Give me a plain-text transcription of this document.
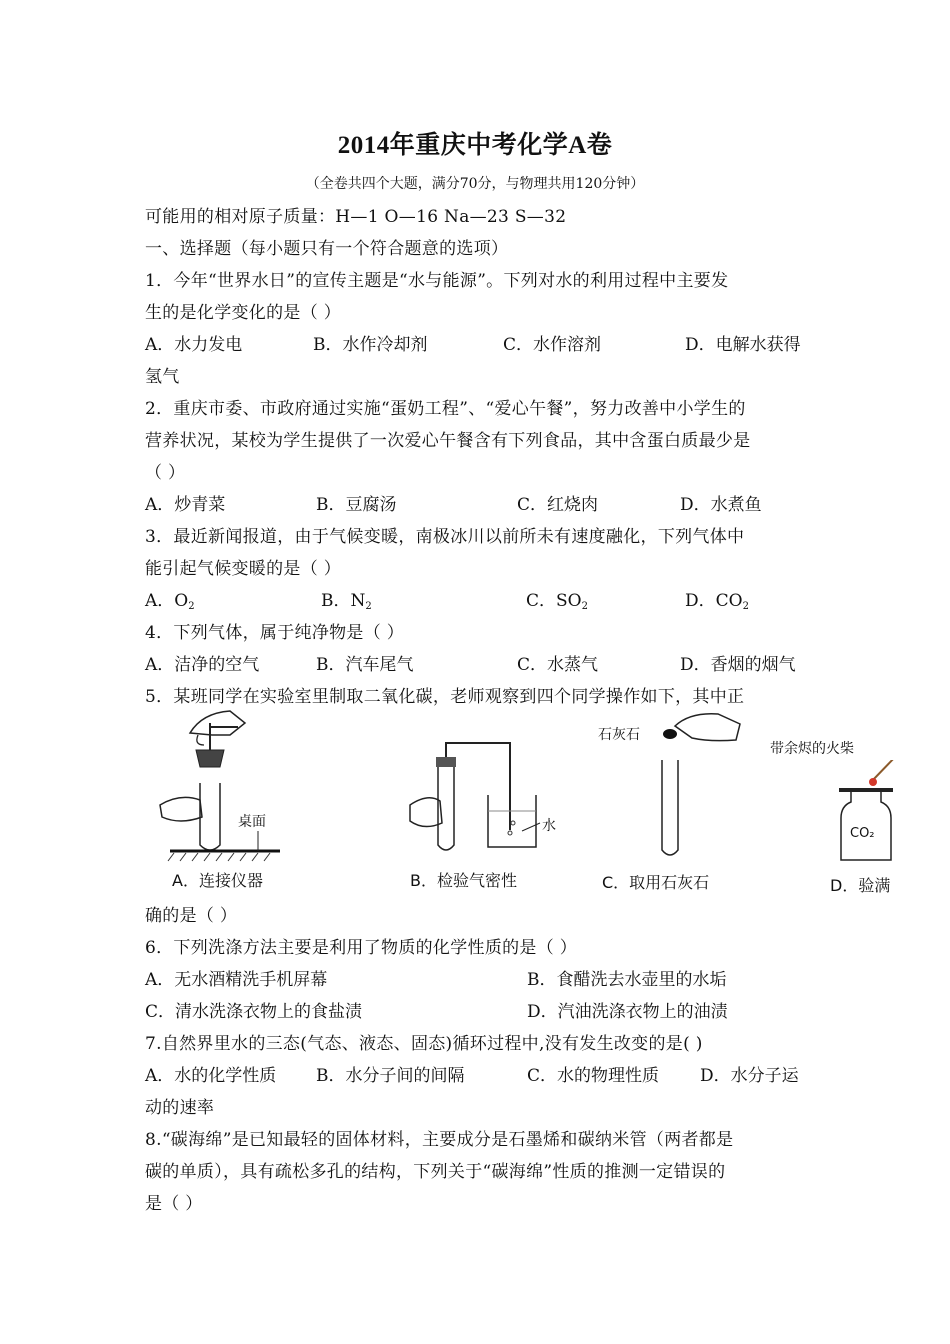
2014年重庆中考化学A卷
（全卷共四个大题，满分70分，与物理共用120分钟）
可能用的相对原子质量：H—1 O—16 Na—23 S—32
一、选择题（每小题只有一个符合题意的选项）
1．今年“世界水日”的宣传主题是“水与能源”。下列对水的利用过程中主要发
生的是化学变化的是（ ）
A．水力发电	B．水作冷却剂	C．水作溶剂	D．电解水获得
氢气
2．重庆市委、市政府通过实施“蛋奶工程”、“爱心午餐”，努力改善中小学生的
营养状况，某校为学生提供了一次爱心午餐含有下列食品，其中含蛋白质最少是
（ ）
A．炒青菜	B．豆腐汤	C．红烧肉	D．水煮鱼
3．最近新闻报道，由于气候变暖，南极冰川以前所未有速度融化，下列气体中
能引起气候变暖的是（ ）
A．$O_2$	B．$N_2$	C．$SO_2$	D．$CO_2$
4．下列气体，属于纯净物是（ ）
A．洁净的空气	B．汽车尾气	C．水蒸气	D．香烟的烟气
5．某班同学在实验室里制取二氧化碳，老师观察到四个同学操作如下，其中正
桌面
A．连接仪器
水
B．检验气密性
石灰石
C．取用石灰石
带余烬的火柴
CO₂
D．验满
确的是（ ）
6．下列洗涤方法主要是利用了物质的化学性质的是（ ）
A．无水酒精洗手机屏幕	B．食醋洗去水壶里的水垢
C．清水洗涤衣物上的食盐渍	D．汽油洗涤衣物上的油渍
7.自然界里水的三态(气态、液态、固态)循环过程中,没有发生改变的是( )
A．水的化学性质 B．水分子间的间隔	C．水的物理性质 D．水分子运
动的速率
8.“碳海绵”是已知最轻的固体材料，主要成分是石墨烯和碳纳米管（两者都是
碳的单质），具有疏松多孔的结构，下列关于“碳海绵”性质的推测一定错误的
是（ ）
